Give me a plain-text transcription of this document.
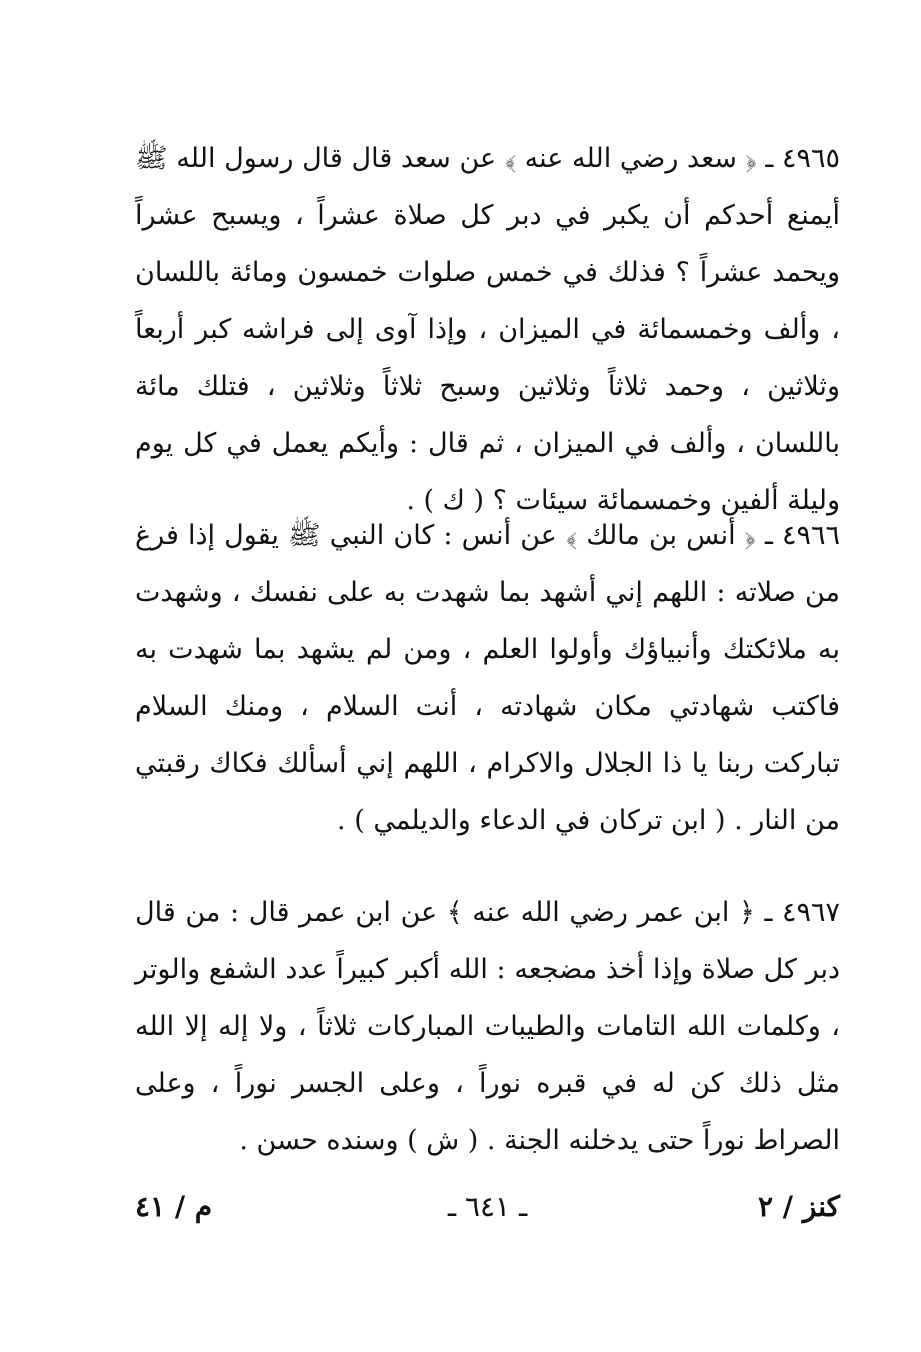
٤٩٦٥ ـ ﴿ سعد رضي الله عنه ﴾ عن سعد قال قال رسول الله ﷺ أيمنع أحدكم أن يكبر في دبر كل صلاة عشراً ، ويسبح عشراً ويحمد عشراً ؟ فذلك في خمس صلوات خمسون ومائة باللسان ، وألف وخمسمائة في الميزان ، وإذا آوى إلى فراشه كبر أربعاً وثلاثين ، وحمد ثلاثاً وثلاثين وسبح ثلاثاً وثلاثين ، فتلك مائة باللسان ، وألف في الميزان ، ثم قال : وأيكم يعمل في كل يوم وليلة ألفين وخمسمائة سيئات ؟ ( ك ) .
٤٩٦٦ ـ ﴿ أنس بن مالك ﴾ عن أنس : كان النبي ﷺ يقول إذا فرغ من صلاته : اللهم إني أشهد بما شهدت به على نفسك ، وشهدت به ملائكتك وأنبياؤك وأولوا العلم ، ومن لم يشهد بما شهدت به فاكتب شهادتي مكان شهادته ، أنت السلام ، ومنك السلام تباركت ربنا يا ذا الجلال والاكرام ، اللهم إني أسألك فكاك رقبتي من النار . ( ابن تركان في الدعاء والديلمي ) .
٤٩٦٧ ـ ﴿ ابن عمر رضي الله عنه ﴾ عن ابن عمر قال : من قال دبر كل صلاة وإذا أخذ مضجعه : الله أكبر كبيراً عدد الشفع والوتر ، وكلمات الله التامات والطيبات المباركات ثلاثاً ، ولا إله إلا الله مثل ذلك كن له في قبره نوراً ، وعلى الجسر نوراً ، وعلى الصراط نوراً حتى يدخلنه الجنة . ( ش ) وسنده حسن .
كنز / ٢
ـ ٦٤١ ـ
م / ٤١
